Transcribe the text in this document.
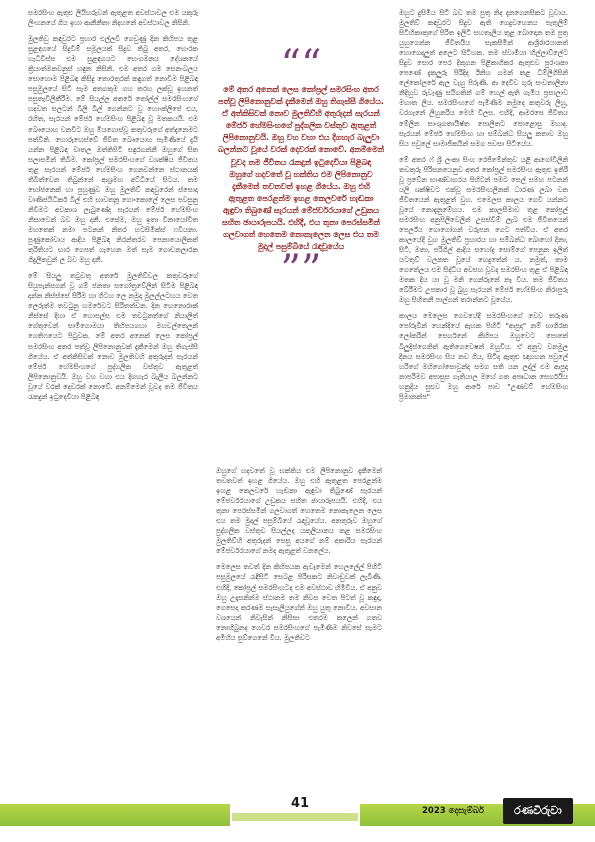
සමරසිංහ ඇතුළු ලියිහරුවන් ඇතුළත අවස්ථාවල එම යකුරු ලිංහනයේ ගිය ඉහා ආනීනීතා නිදහනේ අවස්ථාවල නිසිනි.

මුලතිවු කඳවුරට ප්‍රහාර එල්ලවී ගෙවුණු දින කිහිපය තුළ සුළඳගයේ සිදුවීම් සමූලයක් සිදුව තිබු අතර, භෙංරක හැධිවිස්ස එම සුළඳගයට භෙංගමනය දේශනයේ ක්‍රියාත්මකවනුස් හඳුන නිසිනි. එම අතර ගම සෙනංබලය සොහොම පිළිබඳ කිසිදු තොරතුරක් කඳුගත් නොවීම පිළිබඳ පසුමුලයේ සිටි සැම අතගකුම ගහ තරහ ලක්වූ ඉහනත් පසුතැවිලිකීරීම. මේ සියල්ල අතරේ තෝල්ල් සමරසිංහගේ හදවත සලටන් බිලි බිල් ගෙන්නට වූ හොංක්ලිපේ එය, රහිත, සැරයන් මේජර් හේමසිංහ පිළිබඳ වූ මතකයයි. එම බෞයොහ වනවිට ඔහු මියගොස්වූ කතුවරුගේ අත්දැනෙමට පත්විනි. හොරුහෙස්වේ ජීවිත බෞයොහ පැමිණියේ දැයි යන්න පිළිබඳ වාතල ඔත්තිපිටි සඳුරගන්නී ඔහුගේ සිත සලාසමින් තිබීම. කෝප්‍රල් සමරසිංහගේ වශක්ෂිය ජීවිතය තුළ සැරයන් මේජර් හේමසිංහ ගෙනවන්නෙ ස්ථානයක් තිබීත්වෙන තිබුන්නේ ආශ්‍රමහ අට්ධියේ සිටය. තම භෝජනෙක් හා පුහුණුව ඔහු මුලතිව් කඳවුරෙන් ස්සොදා වාණිජයිධිකර් බිල් එහි භාවතනූ ගොංකොලේ ලෙස පවසුනු නිවීමට අවකාශ ලැබුණේද සැරයන් මේජර් හේමසිංහ නිසාවෙන් බව ඔහු දනී. එසේම, ඔහු ඉතා විනායෝවිත මහතෙක් නමා පටනන් නිතර හටසිමික්ස් ෆවියනා. පුණුකෝවාය ආදිය පිළිබඳ නිරන්තරව පෙනායොලිකත් තුරිතියට භාර ගෙපත් ගැහෙන ඔත් සැම ගොඩනලාරන ගිදුලිකවුන් ල බව ඔහු දනී.

මේ සියලු තටුවතු අතරේ මුලතිව්වල කතුවරුගේ සියුපැන්සගන් වූ ගම් ජනතා සගෝත්‍රවේලින් සිටිම පිළිබඳ දන්න නිස්ස්සේ සිරීම හා ගිටහ ලෙ නමුදා මුලල්ලටහය වෙත ලෙරුත්ම තවටුනු හමරේවට සිරිතත්වන. දින හෙනොරාක් නිස්සේ දිහා ඒ හොපල්ස එම තවටුනත්ගේ නියාලිත් ගේතුවෙන් සාමිගොමයා තිහිපයගහා මහවල්තෙලන් ගෙතිෆයෙට පිටුවක. මේ අතර අනෙක් ලෙස කෝප්‍රල් සමරසිංහ අතර පත්වූ ලිපිනොනුවක් දැකීමෙන් ඔහු තිගැස්සී ගියේය. ඒ අත්කිසිවක් නොව මුලතිවහි අතුරුදන් සැරයන් මේජර් හේමසිංහගේ පුද්ගලික වස්තුව ඇතුළත් ලිපිනොනුවයි. ඔහු වහ වහා එය දිගහැර බැලීය බලන්නට වූයේ වරක් දෙවරක් නොවේ. අනම්මෙන් වූවද තම ජීවිතය රැකදුන් ඉටුදෙවියා පිළිබඳ

““
මේ අතර අනෙක් ලෙස කෝප්‍රල් සමරසිංහ අතර පත්වූ ලිපිනොනුවක් දැකීමෙන් ඔහු තිගැස්සී ගියේය. ඒ අත්කිසිවක් නොව මුලතිව්හි අතුරුදන් සැරයන් මේජර් හේමසිංහගේ පුද්ගලික වස්තුව ඇතුළත් ලිපිනොනුවයි. ඔහු වහ වහා එය දිගහැර බැලුවා බලන්නට වූයේ වරක් දෙවරක් නොවේ. අනම්මෙන් වූවද තම ජීවිතය රැකදුන් ඉටුදෙවියා පිළිබඳ ඔහුගේ හදවතේ වූ භක්තිය එම ලිපිනොනුව දැකීමෙන් තවතවත් ඉහළ ගියේය. ඔහු එහි ඇතුළත පෙරළන්ම ඉහළ කෙලවරේ හැඬකා ඇඳුවා තිබුණේ සැරයන් මේජර්වරයාගේ උඩුකය සහිත ඡායාරූපයයි. එහිදී, එය තුනා පෙරස්සමින් ගලවාගත් හෙතෙම නොකැලෙන ලෙස එය තම මුදල් පසුම්බියේ රැඳවූයේය
””

ඔහුගේ හදවතේ වූ භක්තිය එම ලිපිනොනුව දැකීමෙන් තවතවත් ඉහළ ගියේය. ඔහු එහි ඇතුළත පෙරළන්ම ඉහළ කෙලවරේ හැඬකා ඇඳුවා තිබුණේ සැරයන් මේජර්වරයාගේ උඩුකය සහිත ඡායාරූපයයි. එහිදී, එය තුනා පෙරස්සමින් ගලවාගත් හෙතෙම නොකැලෙන ලෙස එය තම මුදල් පසුම්බියේ රැඳවූයේය. අනතුරුව ඔහුගේ පුද්ගලික වස්තුව සියල්ලද යකුලියානය කළ සමරසිංහ මුලතිව්හි අතුරුදන් සෙසු අයගේ නම් අකාරිය සැරයන් මේජර්වරයාගේ නමද ඇතුළත් වනලේය.

මෙලෙස තවත් දින කිහිපයක ඇවෑමෙන් හෙලලේල් පිහිටි පසුමුලයේ රැඳීසිටි සෙබළ පිරිසකට නිවාඩුවක් ලැබිණි. එහිදී, කෝප්‍රල් සමරසිංහටද එම අවස්ථාව හිමිවිය. ඒ අනුව ඔහු උදෑසනින්ම ස්ථානම තම නිවස වෙත පිටත් වූ කඳුදා, ගෙසෙදා කරණම සැසැලියුගේන් ඔහු යුතු නොවිය. අවසාන වශයෙන් නිවැසින් නිසිසා එතරම කලෙන් ගතව නොහිබුනද ගෙවර සමරසිංහගේ පැමිණීම නිවසේ සැමට අමිහිය සුව්ගෙනේ විය. මුලතිවට

ඔහුට දුසිමිය සිටි බව තම පුතු නිද දැනගෙනසිකට වූවාය. මුලතිව් කඳවුරට සිදුව ඇති ගෙදුවහෙනය පැතුලිම් සිටිහිකාකුගේ පිරිත ඉලිටි සහතැලිය තුළ බොදොන තම පුතු යුහුගෙන්න ජීවිතයිය සැකසීමින් ආශ්‍රිරාරයානත් හොගෙදලුත් අලෙට සිටිහක. තම ස්වාමියා හිල්ලාව්ලේට සිදුව සොර පෙර දිකුගන පිළිකාගිකර ඇතුළුව පුරංශකා පෙණේ දැකලුරු පිරිදිද ඊනිහ ගමන් කළ ධිම්ලිගිසිනි ලේකෝලරේ ඇල වැහු පිරුණි. ආ දෙවිව ගුරු සංවතාලිනා නිදිහුව රුවැණු සයිගකින් ගම් හෙල් ඇති ගැමිය ප්‍රසාලාව මහාත ලිය. සමරසිංහගේ පැමිණීම නමුදෙ කතුවරු ලිහු, වරගැනේ ලිහුනරිය මෙහි විලස. එහිදී, ආමරසෙ ජීවිතය මේලින සාංශුගතායිෂ්ත පොලිතට පොළොසු මහාද. සැරයන් මේජර් හේමසිංහ හා සම්බන්ධ සියලු කතාව ඔහු සිය පවුලේ සාමාජිකයින් සමග පවසා සිටියේය.

මේ අතර ෆ් ශ්‍රී ලංකා සිංහ රෙජිමේන්තුව යළි ආගෝවිලිනි තවතුරු පිරිසනයෙනුව අතර කෝප්‍රල් සමරසිංහ ඇතුළු ඉතිරි වූ ප්‍රවේන භාණ්ඩාගරය පිහිටන් පමට සෙල් සමහ පටනන් යලි ශක්ෂිවට එක්වූ සමරසිංහලිනක් ධාරණ ලබා වන ජීවිතයෙන් ඇතුළත් වුහ. එමෙලස කාලය ගෙවී යන්නට වූයේ නොදැනුමේහය. එම කාලසීමාව තුළ කෝප්‍රල් සමරසිංහ අනුපිලිවෙලින් උසස්වීම් ලැබ එම ජීවිතයෙන් පෙර්ල්ය ගොගෝගන් වරුපන ගෙට පත්විය. ඒ අතර කාලයේදී වුහ මුලතිව් ප්‍රහාරය හා සම්බන්ධ බොහෝ දිනා, සිටි, ඔතා, පරිගිල් ආදිය සහෝද්‍ර සොම්ගේ පෙනුන ඉලිත් යටතුව් වලනත වූයේ හෙදුතේන් ය. නමුත්, තාම ගෙතේලය එම සිද්ධිය අවසහ වූවද සමරසිංහ තුළ ඒ පිළිබඳ මතක දිය යා වූ මනි ගෙන්රුනේ නෑ විය. තම ජීවිතය බේරීමට උපකාර වූ බුහු සැරයන් මේජර් හේමසිංහ නිරාපුරු ඔහු සිහිතනී පාල්ගන් තරාන්නට වූයේය.

කාලය මෙලෙස ගෙවයේදී සමරසිංහගේ වෙව තරුණ පෝරුවින් හෙන්දියේ ඇහක පිහිටි "ආපුදා" නම් භාගිරක ලෝකරින් සෙර්ගනේ කිහිපය ඔහුවෙට පොකේ බිලුදිස්ගෙනිත් ඇතිගෙවෙෂන් ඔහුවිය. ඒ අනුව වනමුල දීනය සමරසිංහ සිය නව ගිය, සිටිද ඇතුළු ඥාගහන පවුලේ හරිගේ මහිගෝසොවුන්ද සමග සති යන ලද්ල් එම ආපුදා නාපරිමව අපාසුස ගැතියාල මහේ ගත අපෘධාන සෙර්ගයිය හනුදිය සුළුව මහු ආරේ පාව "උණවට් හේමසිංහ ප්‍රිමානක්ප"

41	2023 දෙසැම්බර්	රණවිරුවා
